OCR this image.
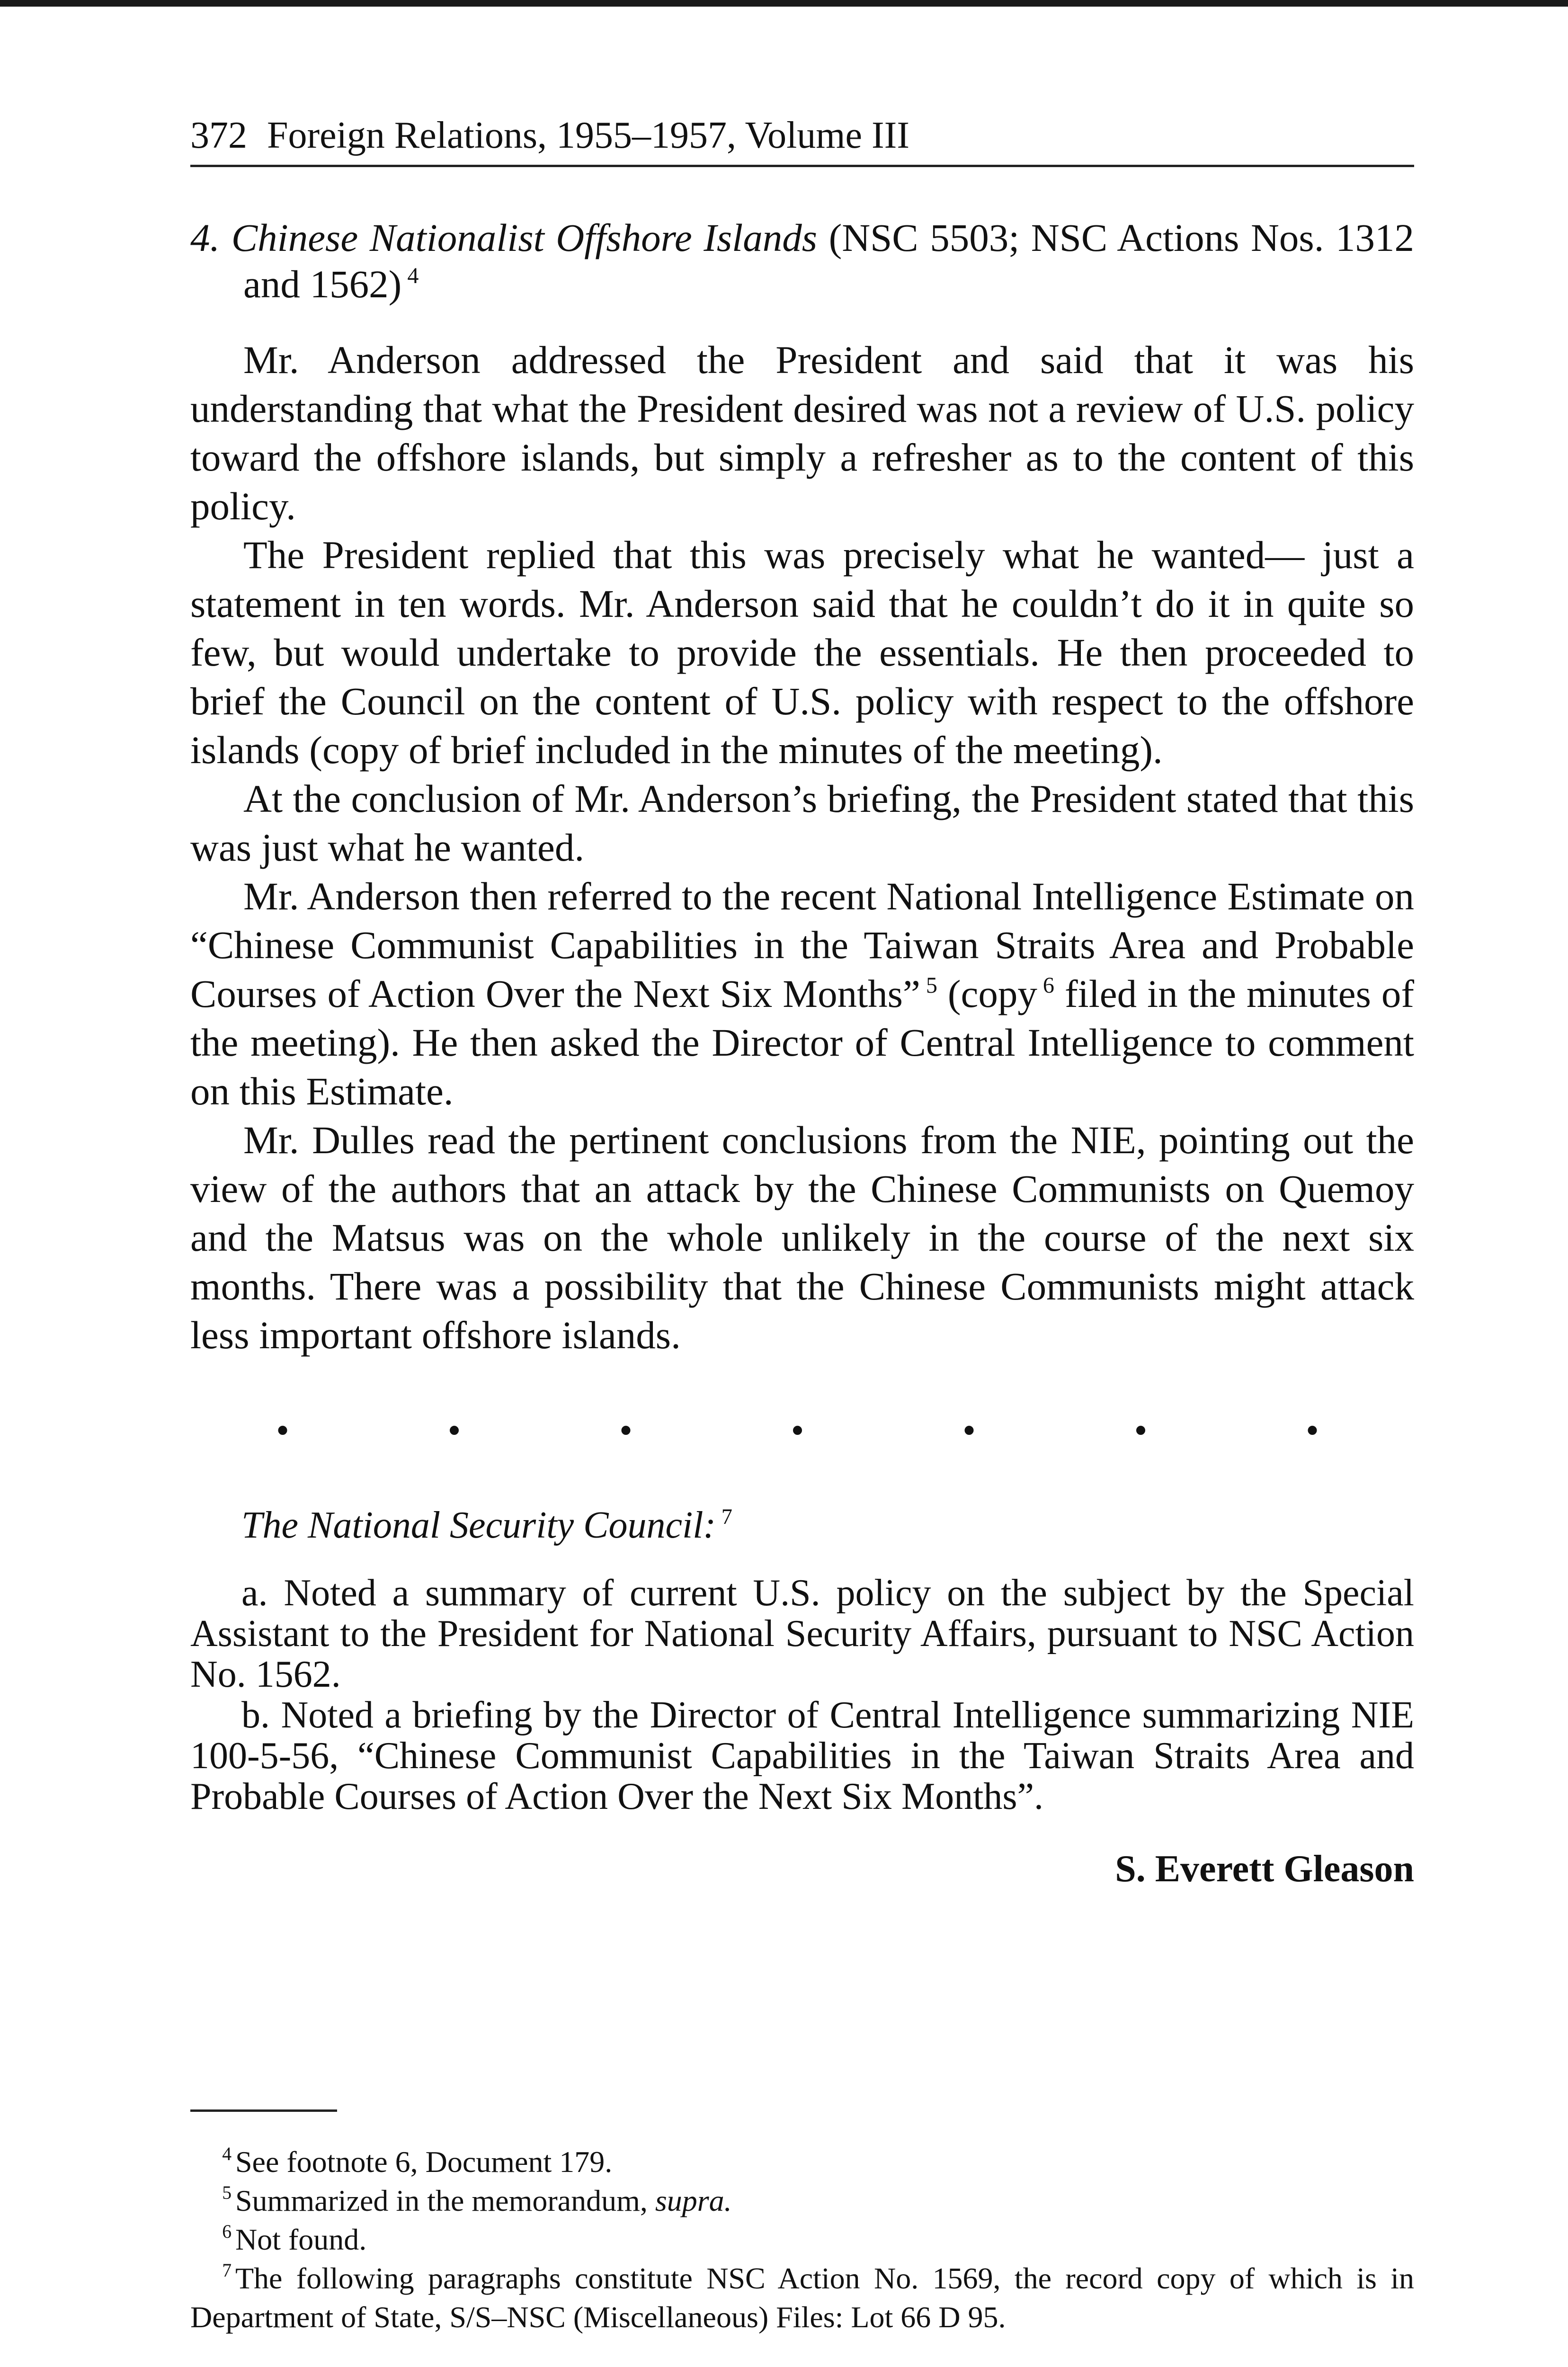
372 Foreign Relations, 1955–1957, Volume III
4. Chinese Nationalist Offshore Islands (NSC 5503; NSC Actions Nos. 1312 and 1562) $^4$

Mr. Anderson addressed the President and said that it was his understanding that what the President desired was not a review of U.S. policy toward the offshore islands, but simply a refresher as to the content of this policy.

The President replied that this was precisely what he wanted— just a statement in ten words. Mr. Anderson said that he couldn’t do it in quite so few, but would undertake to provide the essentials. He then proceeded to brief the Council on the content of U.S. policy with respect to the offshore islands (copy of brief included in the minutes of the meeting).

At the conclusion of Mr. Anderson’s briefing, the President stated that this was just what he wanted.

Mr. Anderson then referred to the recent National Intelligence Estimate on “Chinese Communist Capabilities in the Taiwan Straits Area and Probable Courses of Action Over the Next Six Months” $^5$ (copy $^6$ filed in the minutes of the meeting). He then asked the Director of Central Intelligence to comment on this Estimate.

Mr. Dulles read the pertinent conclusions from the NIE, pointing out the view of the authors that an attack by the Chinese Communists on Quemoy and the Matsus was on the whole unlikely in the course of the next six months. There was a possibility that the Chinese Communists might attack less important offshore islands.

•	•	•	•	•	•	•
The National Security Council: $^7$

a. Noted a summary of current U.S. policy on the subject by the Special Assistant to the President for National Security Affairs, pursuant to NSC Action No. 1562.

b. Noted a briefing by the Director of Central Intelligence summarizing NIE 100-5-56, “Chinese Communist Capabilities in the Taiwan Straits Area and Probable Courses of Action Over the Next Six Months”.

S. Everett Gleason

$^4$ See footnote 6, Document 179.

$^5$ Summarized in the memorandum, supra.

$^6$ Not found.

$^7$ The following paragraphs constitute NSC Action No. 1569, the record copy of which is in Department of State, S/S–NSC (Miscellaneous) Files: Lot 66 D 95.
